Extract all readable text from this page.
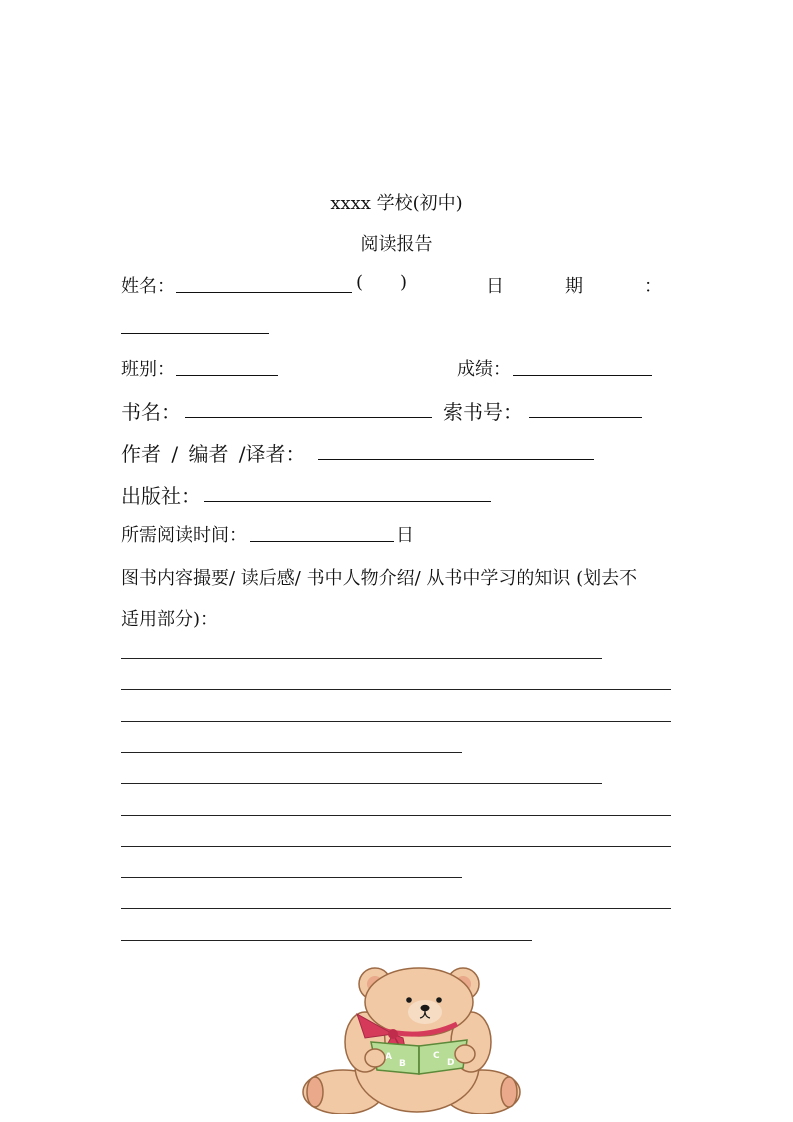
xxxx 学校(初中)
阅读报告
姓名：	( )	日	期	：
班别：	成绩：
书名：	索书号：
作者 / 编者 /译者：
出版社：
所需阅读时间：	日
图书内容撮要/ 读后感/ 书中人物介绍/ 从书中学习的知识 (划去不
适用部分)：
A
B
C
D
